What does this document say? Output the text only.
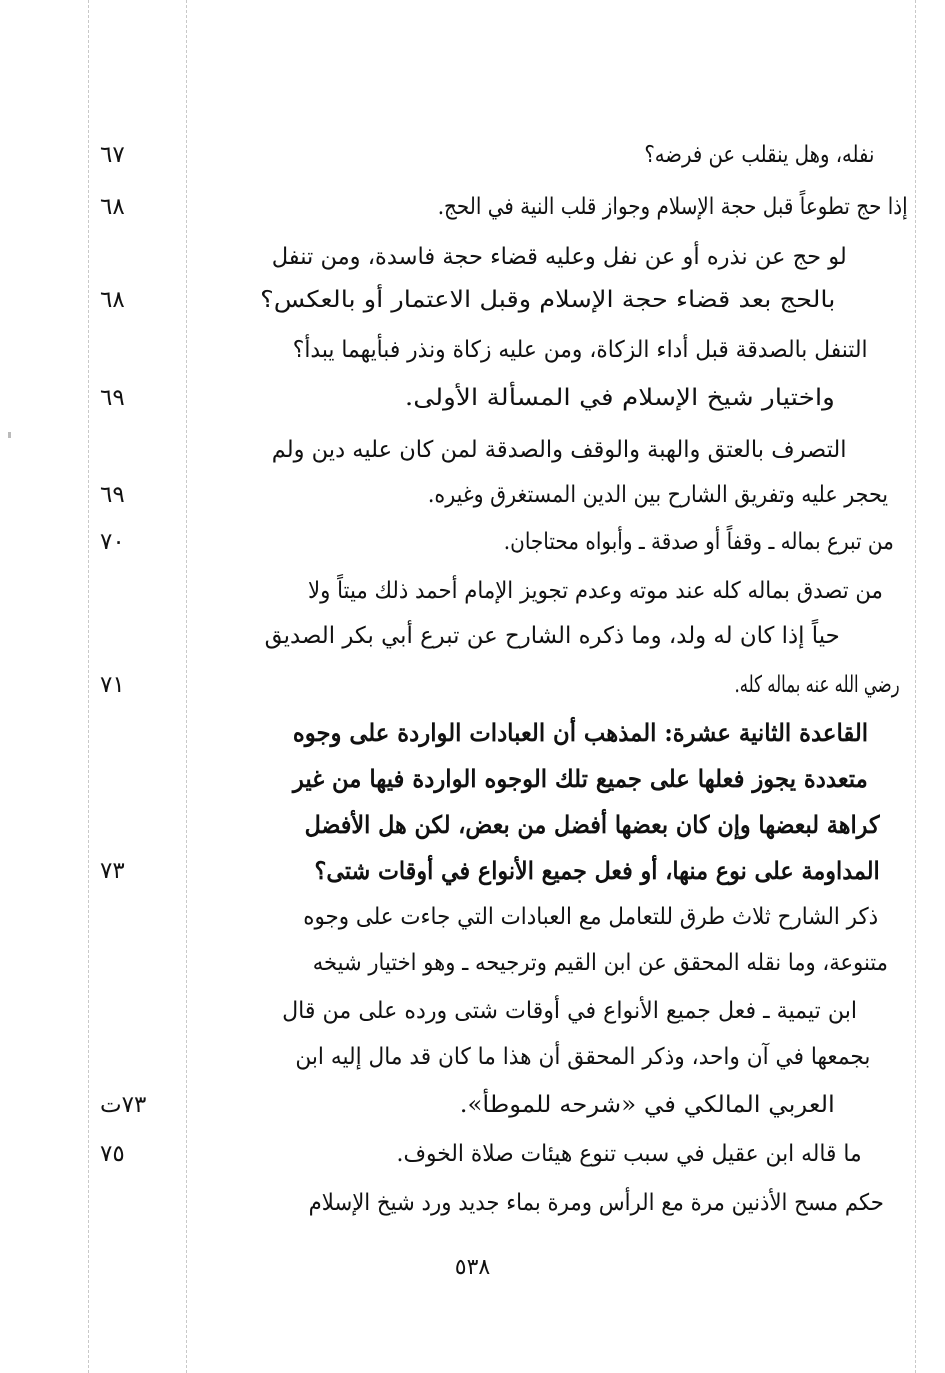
نفله، وهل ينقلب عن فرضه؟
٦٧
إذا حج تطوعاً قبل حجة الإسلام وجواز قلب النية في الحج.
٦٨
لو حج عن نذره أو عن نفل وعليه قضاء حجة فاسدة، ومن تنفل
بالحج بعد قضاء حجة الإسلام وقبل الاعتمار أو بالعكس؟
٦٨
التنفل بالصدقة قبل أداء الزكاة، ومن عليه زكاة ونذر فبأيهما يبدأ؟
واختيار شيخ الإسلام في المسألة الأولى.
٦٩
التصرف بالعتق والهبة والوقف والصدقة لمن كان عليه دين ولم
يحجر عليه وتفريق الشارح بين الدين المستغرق وغيره.
٦٩
من تبرع بماله ـ وقفاً أو صدقة ـ وأبواه محتاجان.
٧٠
من تصدق بماله كله عند موته وعدم تجويز الإمام أحمد ذلك ميتاً ولا
حياً إذا كان له ولد، وما ذكره الشارح عن تبرع أبي بكر الصديق
رضي الله عنه بماله كله.
٧١
القاعدة الثانية عشرة: المذهب أن العبادات الواردة على وجوه
متعددة يجوز فعلها على جميع تلك الوجوه الواردة فيها من غير
كراهة لبعضها وإن كان بعضها أفضل من بعض، لكن هل الأفضل
المداومة على نوع منها، أو فعل جميع الأنواع في أوقات شتى؟
٧٣
ذكر الشارح ثلاث طرق للتعامل مع العبادات التي جاءت على وجوه
متنوعة، وما نقله المحقق عن ابن القيم وترجيحه ـ وهو اختيار شيخه
ابن تيمية ـ فعل جميع الأنواع في أوقات شتى ورده على من قال
بجمعها في آن واحد، وذكر المحقق أن هذا ما كان قد مال إليه ابن
العربي المالكي في «شرحه للموطأ».
٧٣ت
ما قاله ابن عقيل في سبب تنوع هيئات صلاة الخوف.
٧٥
حكم مسح الأذنين مرة مع الرأس ومرة بماء جديد ورد شيخ الإسلام
٥٣٨
